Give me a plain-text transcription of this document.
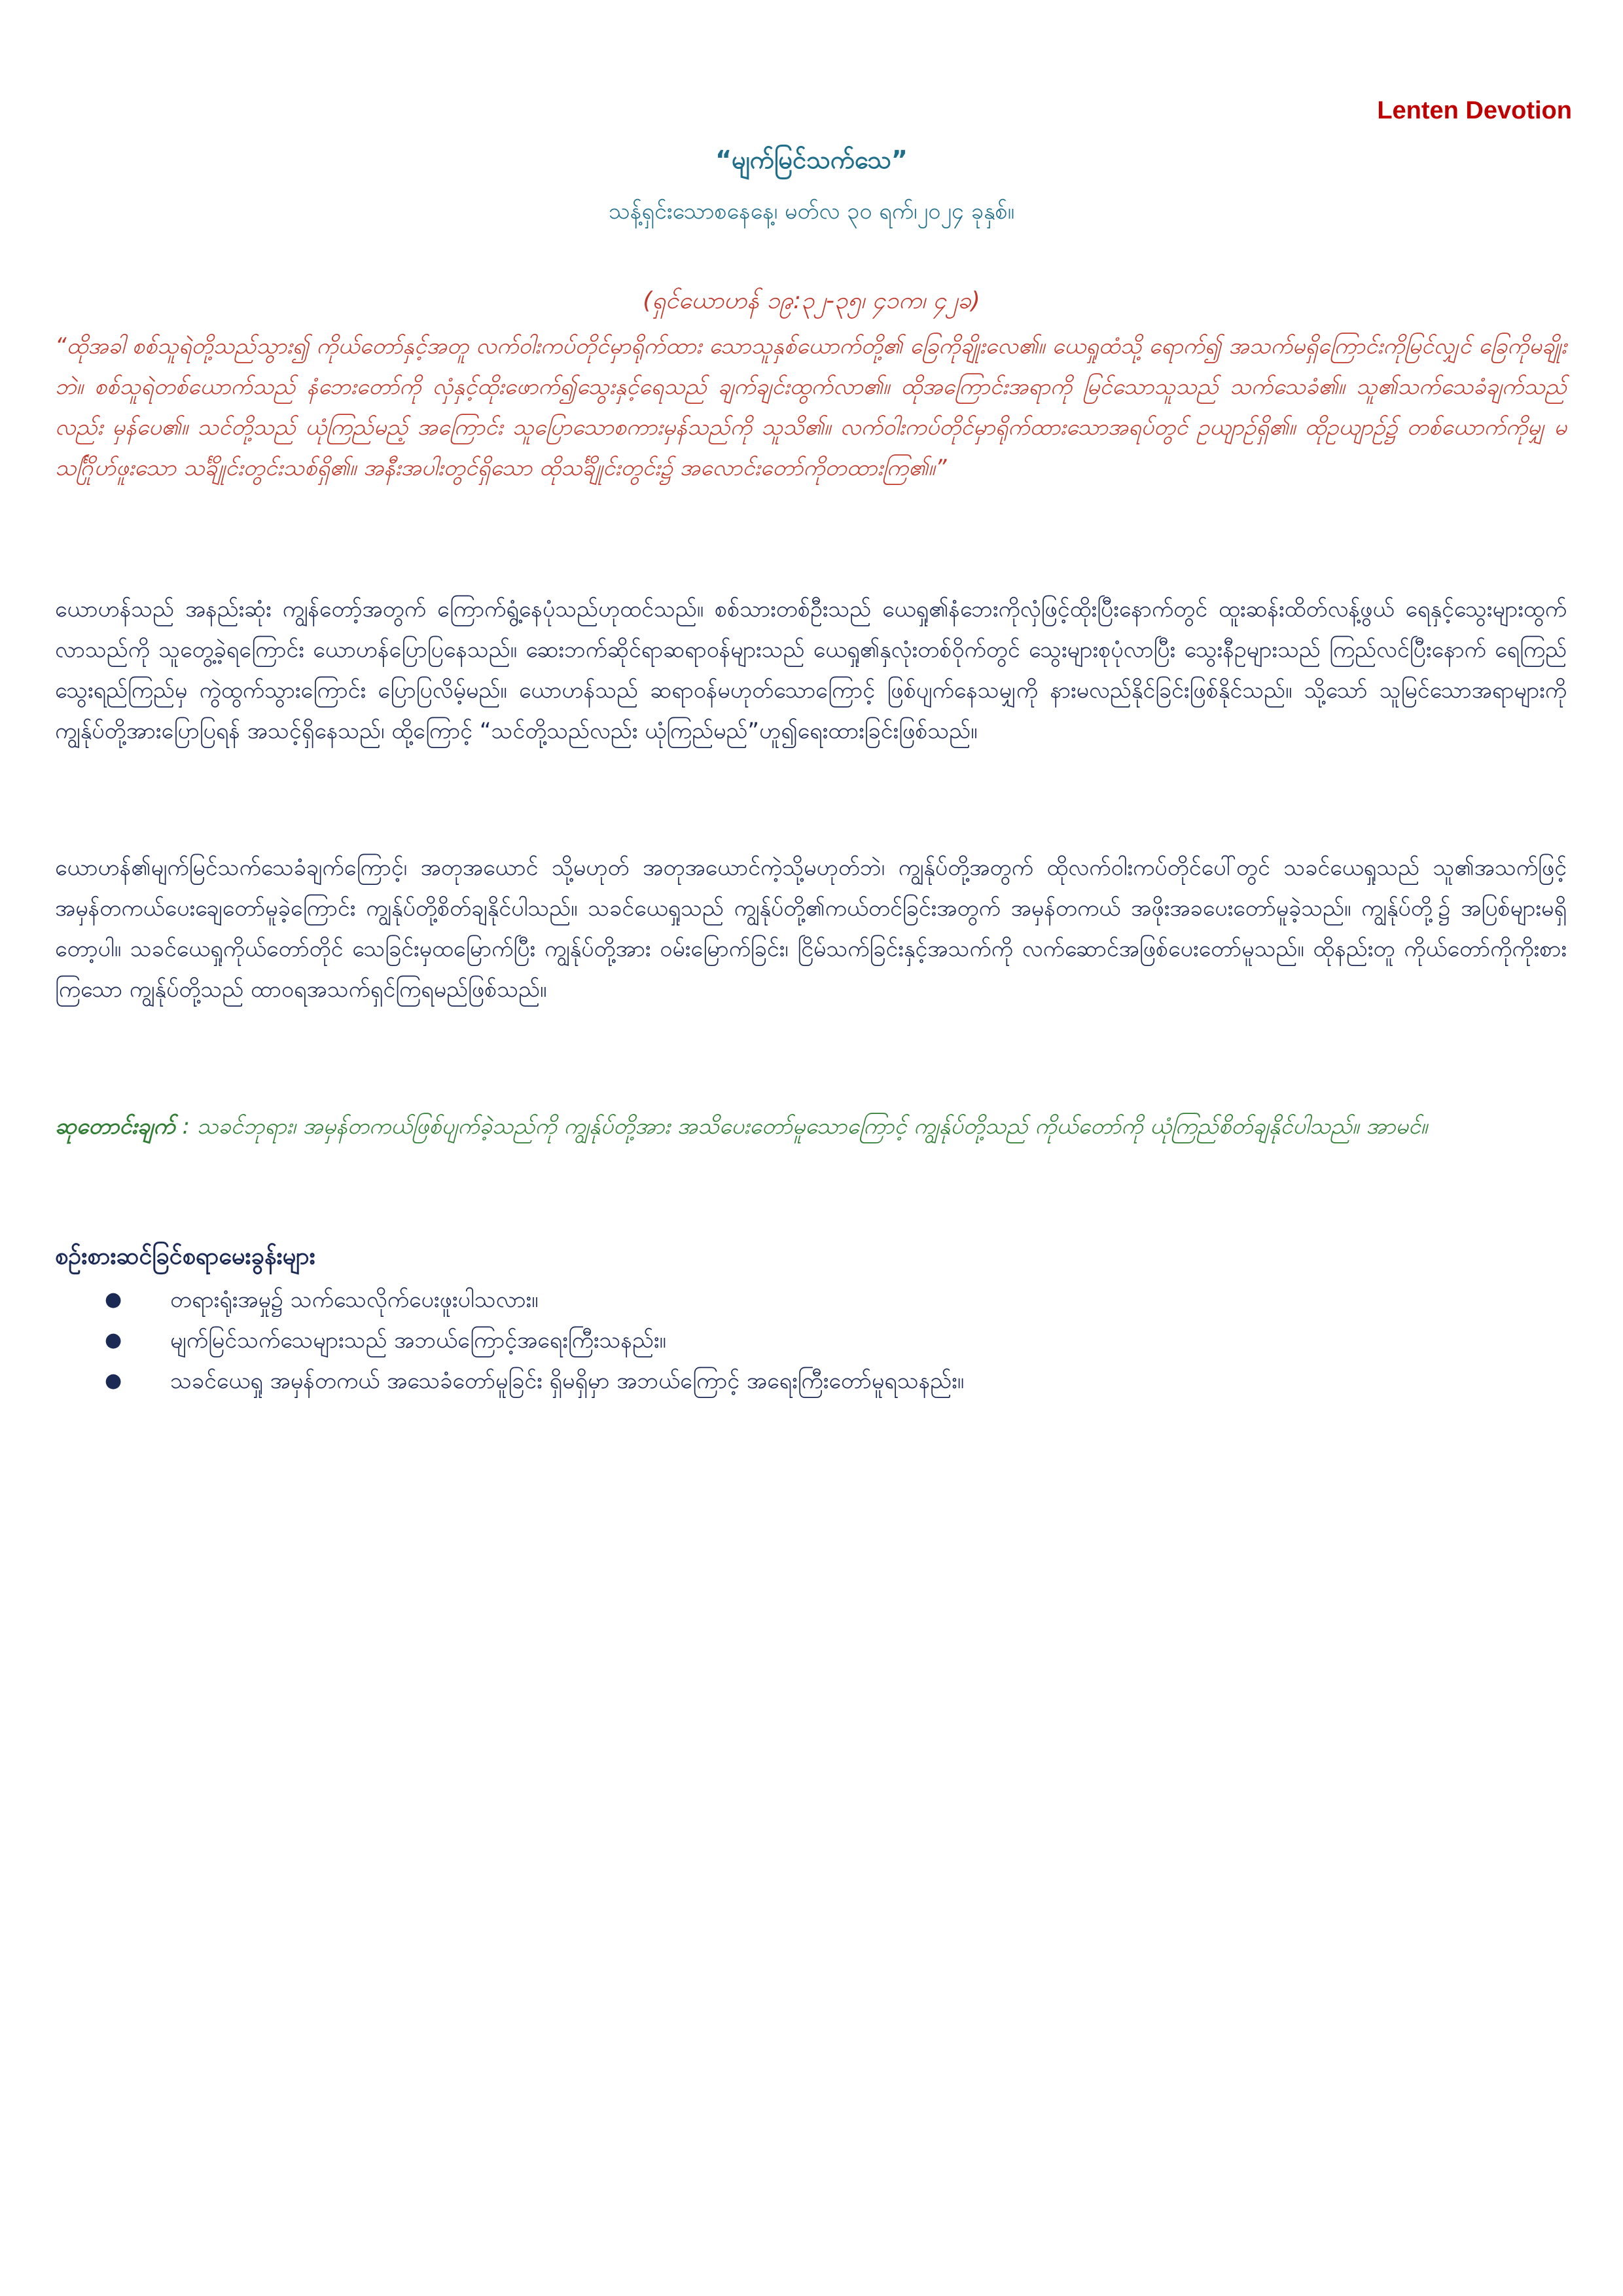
Lenten Devotion
“မျက်မြင်သက်သေ”
သန့်ရှင်းသောစနေနေ့၊ မတ်လ ၃၀ ရက်၊၂၀၂၄ ခုနှစ်။
(ရှင်ယောဟန် ၁၉:၃၂-၃၅၊ ၄၁က၊ ၄၂ခ)
“ထိုအခါ စစ်သူရဲတို့သည်သွား၍ ကိုယ်တော်နှင့်အတူ လက်ဝါးကပ်တိုင်မှာရိုက်ထား သောသူနှစ်ယောက်တို့၏ ခြေကိုချိုးလေ၏။ ယေရှုထံသို့ ရောက်၍ အသက်မရှိကြောင်းကိုမြင်လျှင် ခြေကိုမချိုးဘဲ။ စစ်သူရဲတစ်ယောက်သည် နံဘေးတော်ကို လှံနှင့်ထိုးဖောက်၍သွေးနှင့်ရေသည် ချက်ချင်းထွက်လာ၏။ ထိုအကြောင်းအရာကို မြင်သောသူသည် သက်သေခံ၏။ သူ၏သက်သေခံချက်သည်လည်း မှန်ပေ၏။ သင်တို့သည် ယုံကြည်မည့် အကြောင်း သူပြောသောစကားမှန်သည်ကို သူသိ၏။ လက်ဝါးကပ်တိုင်မှာရိုက်ထားသောအရပ်တွင် ဥယျာဉ်ရှိ၏။ ထိုဥယျာဉ်၌ တစ်ယောက်ကိုမျှ မသင်္ဂြိုဟ်ဖူးသော သင်္ချိုင်းတွင်းသစ်ရှိ၏။ အနီးအပါးတွင်ရှိသော ထိုသင်္ချိုင်းတွင်း၌ အလောင်းတော်ကိုတထားကြ၏။”
ယောဟန်သည် အနည်းဆုံး ကျွန်တော့်အတွက် ကြောက်ရွံ့နေပုံသည်ဟုထင်သည်။ စစ်သားတစ်ဦးသည် ယေရှု၏နံဘေးကိုလှံဖြင့်ထိုးပြီးနောက်တွင် ထူးဆန်းထိတ်လန့်ဖွယ် ရေနှင့်သွေးများထွက်လာသည်ကို သူတွေ့ခဲ့ရကြောင်း ယောဟန်ပြောပြနေသည်။ ဆေးဘက်ဆိုင်ရာဆရာဝန်များသည် ယေရှု၏နှလုံးတစ်ဝိုက်တွင် သွေးများစုပုံလာပြီး သွေးနီဥများသည် ကြည်လင်ပြီးနောက် ရေကြည်သွေးရည်ကြည်မှ ကွဲထွက်သွားကြောင်း ပြောပြလိမ့်မည်။ ယောဟန်သည် ဆရာဝန်မဟုတ်သောကြောင့် ဖြစ်ပျက်နေသမျှကို နားမလည်နိုင်ခြင်းဖြစ်နိုင်သည်။ သို့သော် သူမြင်သောအရာများကို ကျွန်ုပ်တို့အားပြောပြရန် အသင့်ရှိနေသည်၊ ထို့ကြောင့် “သင်တို့သည်လည်း ယုံကြည်မည်”ဟူ၍ရေးထားခြင်းဖြစ်သည်။
ယောဟန်၏မျက်မြင်သက်သေခံချက်ကြောင့်၊ အတုအယောင် သို့မဟုတ် အတုအယောင်ကဲ့သို့မဟုတ်ဘဲ၊ ကျွန်ုပ်တို့အတွက် ထိုလက်ဝါးကပ်တိုင်ပေါ်တွင် သခင်ယေရှုသည် သူ၏အသက်ဖြင့် အမှန်တကယ်ပေးချေတော်မူခဲ့ကြောင်း ကျွန်ုပ်တို့စိတ်ချနိုင်ပါသည်။ သခင်ယေရှုသည် ကျွန်ုပ်တို့၏ကယ်တင်ခြင်းအတွက် အမှန်တကယ် အဖိုးအခပေးတော်မူခဲ့သည်။ ကျွန်ုပ်တို့၌ အပြစ်များမရှိတော့ပါ။ သခင်ယေရှုကိုယ်တော်တိုင် သေခြင်းမှထမြောက်ပြီး ကျွန်ုပ်တို့အား ဝမ်းမြောက်ခြင်း၊ ငြိမ်သက်ခြင်းနှင့်အသက်ကို လက်ဆောင်အဖြစ်ပေးတော်မူသည်။ ထိုနည်းတူ ကိုယ်တော်ကိုကိုးစားကြသော ကျွန်ုပ်တို့သည် ထာဝရအသက်ရှင်ကြရမည်ဖြစ်သည်။
ဆုတောင်းချက် : သခင်ဘုရား၊ အမှန်တကယ်ဖြစ်ပျက်ခဲ့သည်ကို ကျွန်ုပ်တို့အား အသိပေးတော်မူသောကြောင့် ကျွန်ုပ်တို့သည် ကိုယ်တော်ကို ယုံကြည်စိတ်ချနိုင်ပါသည်။ အာမင်။
စဉ်းစားဆင်ခြင်စရာမေးခွန်းများ
● တရားရုံးအမှု၌ သက်သေလိုက်ပေးဖူးပါသလား။
● မျက်မြင်သက်သေများသည် အဘယ်ကြောင့်အရေးကြီးသနည်း။
● သခင်ယေရှု အမှန်တကယ် အသေခံတော်မူခြင်း ရှိမရှိမှာ အဘယ်ကြောင့် အရေးကြီးတော်မူရသနည်း။
